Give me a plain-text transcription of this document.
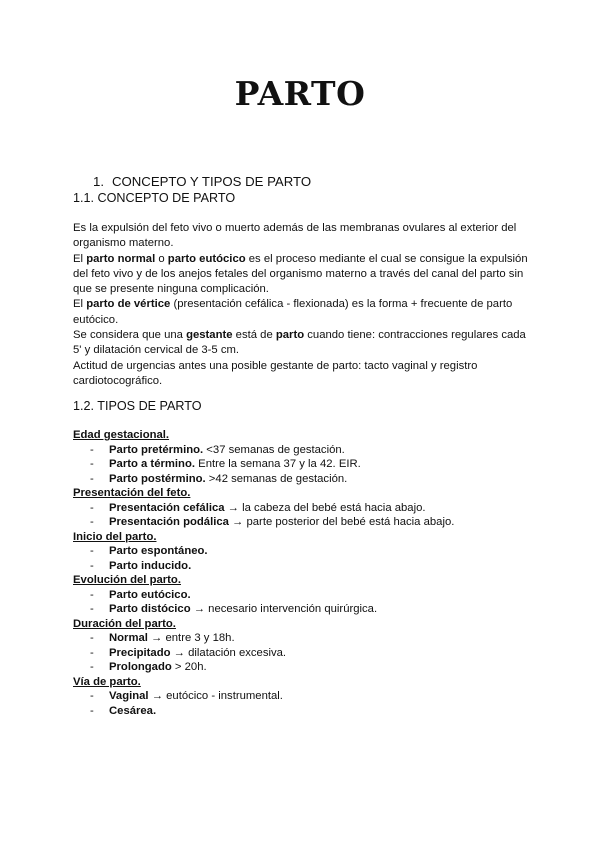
PARTO
1. CONCEPTO Y TIPOS DE PARTO
1.1. CONCEPTO DE PARTO

Es la expulsión del feto vivo o muerto además de las membranas ovulares al exterior del organismo materno.

El parto normal o parto eutócico es el proceso mediante el cual se consigue la expulsión del feto vivo y de los anejos fetales del organismo materno a través del canal del parto sin que se presente ninguna complicación.

El parto de vértice (presentación cefálica - flexionada) es la forma + frecuente de parto eutócico.

Se considera que una gestante está de parto cuando tiene: contracciones regulares cada 5' y dilatación cervical de 3-5 cm.

Actitud de urgencias antes una posible gestante de parto: tacto vaginal y registro cardiotocográfico.

1.2. TIPOS DE PARTO
Edad gestacional.
- Parto pretérmino. <37 semanas de gestación.
- Parto a término. Entre la semana 37 y la 42. EIR.
- Parto postérmino. >42 semanas de gestación.
Presentación del feto.
- Presentación cefálica → la cabeza del bebé está hacia abajo.
- Presentación podálica → parte posterior del bebé está hacia abajo.
Inicio del parto.
- Parto espontáneo.
- Parto inducido.
Evolución del parto.
- Parto eutócico.
- Parto distócico → necesario intervención quirúrgica.
Duración del parto.
- Normal → entre 3 y 18h.
- Precipitado → dilatación excesiva.
- Prolongado > 20h.
Vía de parto.
- Vaginal → eutócico - instrumental.
- Cesárea.
